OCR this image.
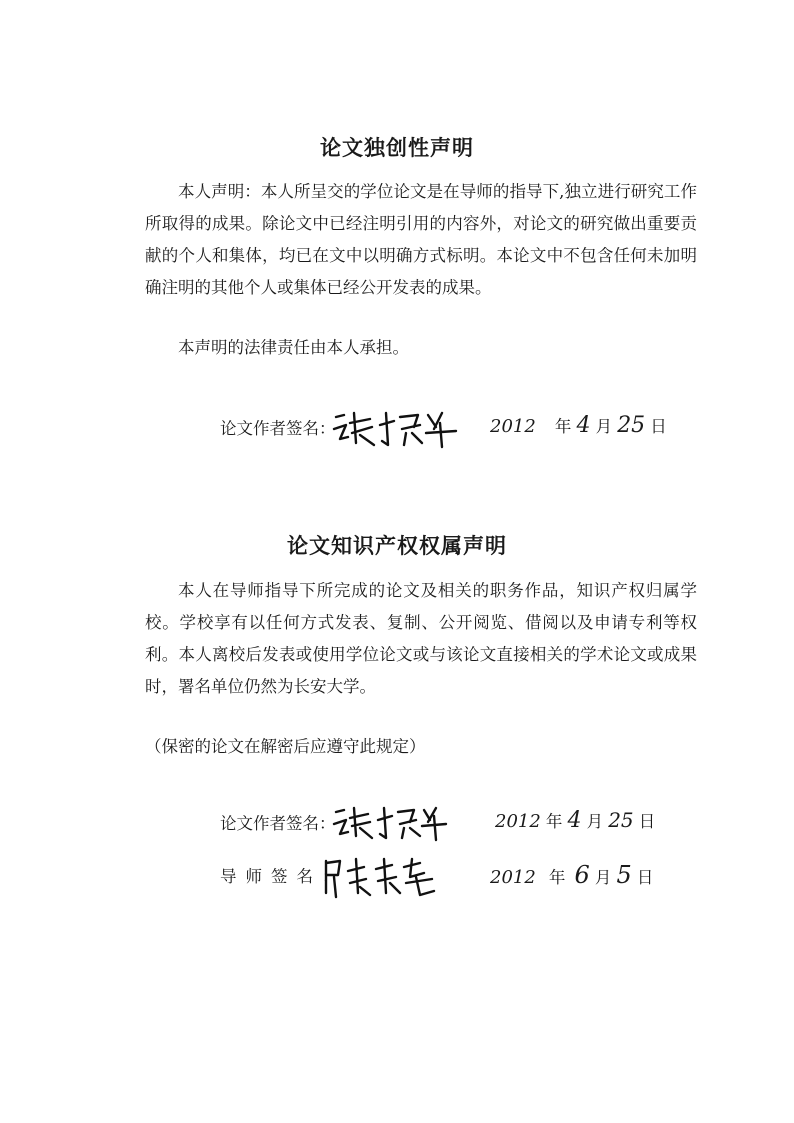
论文独创性声明

本人声明：本人所呈交的学位论文是在导师的指导下,独立进行研究工作所取得的成果。除论文中已经注明引用的内容外，对论文的研究做出重要贡献的个人和集体，均已在文中以明确方式标明。本论文中不包含任何未加明确注明的其他个人或集体已经公开发表的成果。

本声明的法律责任由本人承担。
论文作者签名：	2012 年 4 月 25 日
论文知识产权权属声明

本人在导师指导下所完成的论文及相关的职务作品，知识产权归属学校。学校享有以任何方式发表、复制、公开阅览、借阅以及申请专利等权利。本人离校后发表或使用学位论文或与该论文直接相关的学术论文或成果时，署名单位仍然为长安大学。

（保密的论文在解密后应遵守此规定）
论文作者签名：	2012 年 4 月 25 日
导师签名：	2012 年 6 月 5 日
